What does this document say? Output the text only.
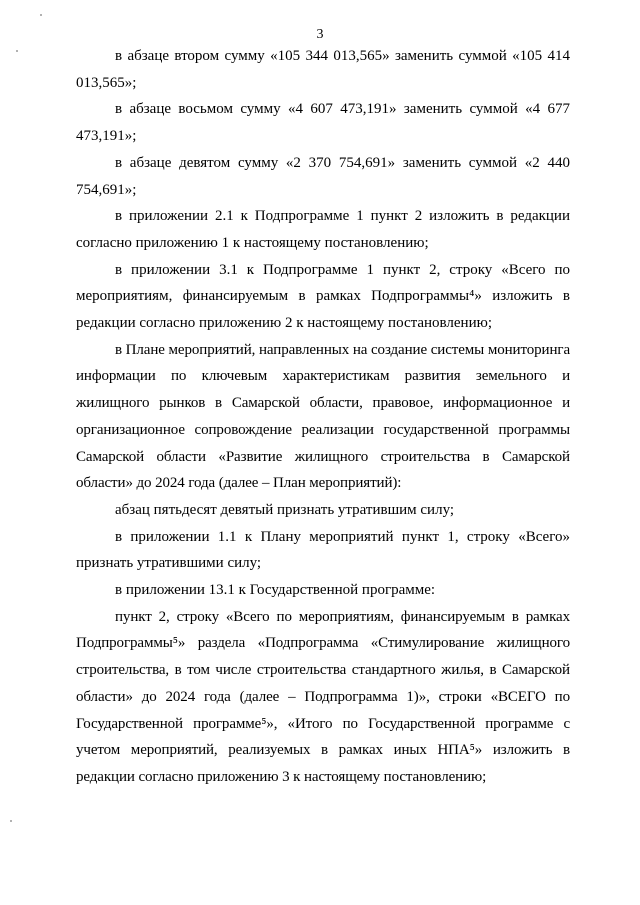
3

в абзаце втором сумму «105 344 013,565» заменить суммой «105 414 013,565»;

в абзаце восьмом сумму «4 607 473,191» заменить суммой «4 677 473,191»;

в абзаце девятом сумму «2 370 754,691» заменить суммой «2 440 754,691»;

в приложении 2.1 к Подпрограмме 1 пункт 2 изложить в редакции согласно приложению 1 к настоящему постановлению;

в приложении 3.1 к Подпрограмме 1 пункт 2, строку «Всего по мероприятиям, финансируемым в рамках Подпрограммы⁴» изложить в редакции согласно приложению 2 к настоящему постановлению;

в Плане мероприятий, направленных на создание системы мониторинга информации по ключевым характеристикам развития земельного и жилищного рынков в Самарской области, правовое, информационное и организационное сопровождение реализации государственной программы Самарской области «Развитие жилищного строительства в Самарской области» до 2024 года (далее – План мероприятий):

абзац пятьдесят девятый признать утратившим силу;

в приложении 1.1 к Плану мероприятий пункт 1, строку «Всего» признать утратившими силу;

в приложении 13.1 к Государственной программе:

пункт 2, строку «Всего по мероприятиям, финансируемым в рамках Подпрограммы⁵» раздела «Подпрограмма «Стимулирование жилищного строительства, в том числе строительства стандартного жилья, в Самарской области» до 2024 года (далее – Подпрограмма 1)», строки «ВСЕГО по Государственной программе⁵», «Итого по Государственной программе с учетом мероприятий, реализуемых в рамках иных НПА⁵» изложить в редакции согласно приложению 3 к настоящему постановлению;
